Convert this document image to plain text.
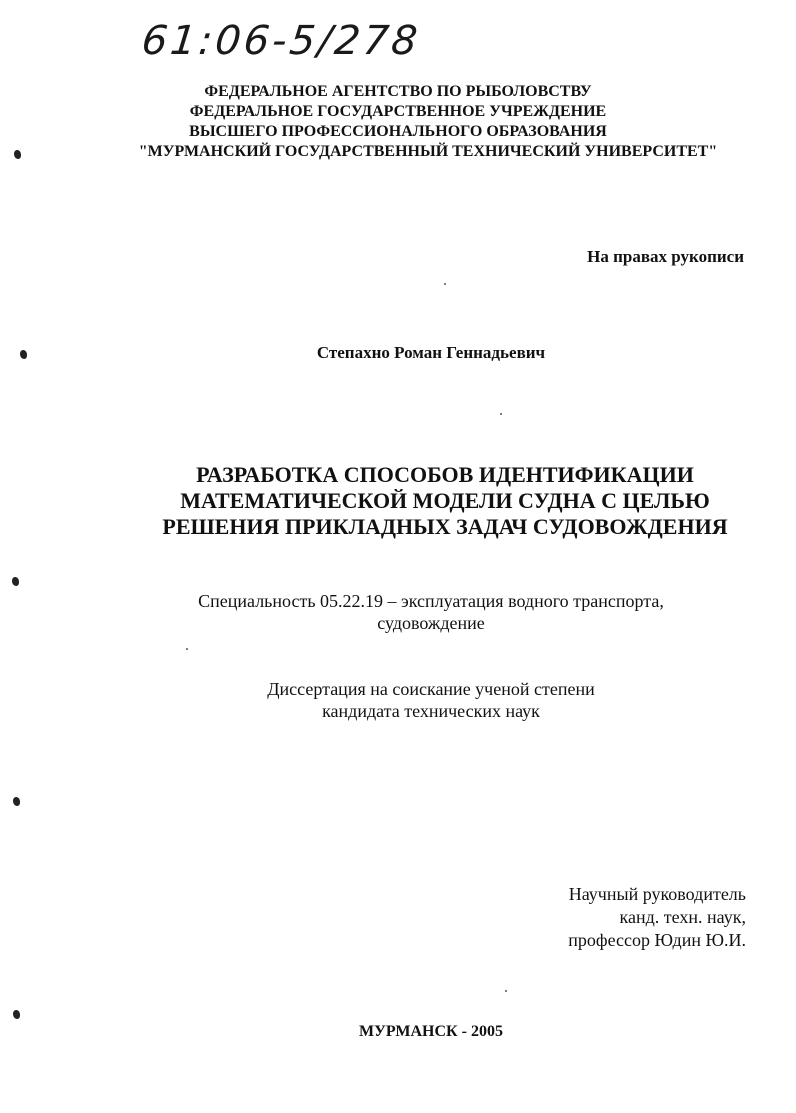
61:06-5/278
ФЕДЕРАЛЬНОЕ АГЕНТСТВО ПО РЫБОЛОВСТВУ
ФЕДЕРАЛЬНОЕ ГОСУДАРСТВЕННОЕ УЧРЕЖДЕНИЕ
ВЫСШЕГО ПРОФЕССИОНАЛЬНОГО ОБРАЗОВАНИЯ
"МУРМАНСКИЙ ГОСУДАРСТВЕННЫЙ ТЕХНИЧЕСКИЙ УНИВЕРСИТЕТ"
На правах рукописи
Степахно Роман Геннадьевич
РАЗРАБОТКА СПОСОБОВ ИДЕНТИФИКАЦИИ
МАТЕМАТИЧЕСКОЙ МОДЕЛИ СУДНА С ЦЕЛЬЮ
РЕШЕНИЯ ПРИКЛАДНЫХ ЗАДАЧ СУДОВОЖДЕНИЯ
Специальность 05.22.19 – эксплуатация водного транспорта,
судовождение
Диссертация на соискание ученой степени
кандидата технических наук
Научный руководитель
канд. техн. наук,
профессор Юдин Ю.И.
МУРМАНСК - 2005
